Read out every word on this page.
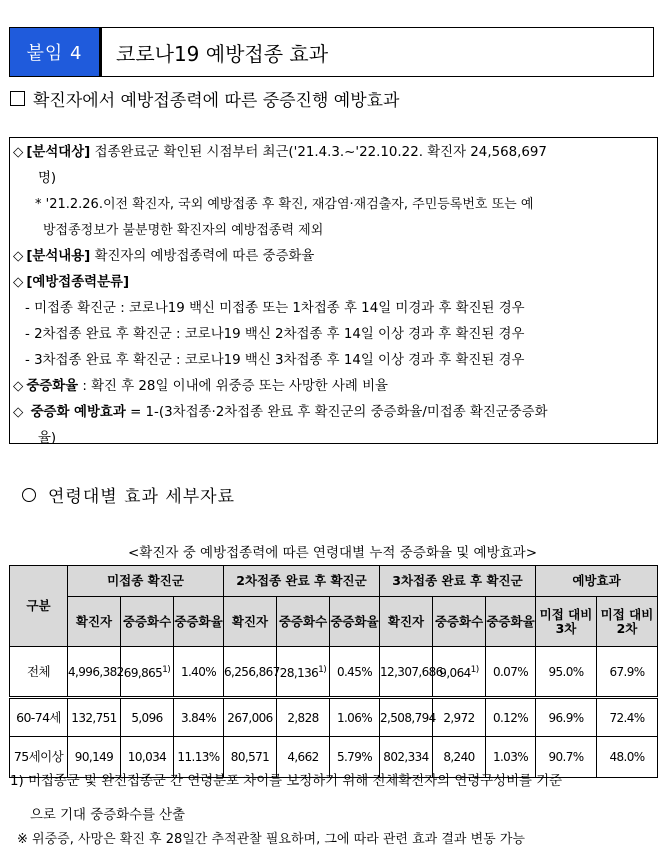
붙임 4	코로나19 예방접종 효과
확진자에서 예방접종력에 따른 중증진행 예방효과
◇ [분석대상] 접종완료군 확인된 시점부터 최근('21.4.3.~'22.10.22. 확진자 24,568,697
명)
* '21.2.26.이전 확진자, 국외 예방접종 후 확진, 재감염·재검출자, 주민등록번호 또는 예
방접종정보가 불분명한 확진자의 예방접종력 제외
◇ [분석내용] 확진자의 예방접종력에 따른 중증화율
◇ [예방접종력분류]
- 미접종 확진군 : 코로나19 백신 미접종 또는 1차접종 후 14일 미경과 후 확진된 경우
- 2차접종 완료 후 확진군 : 코로나19 백신 2차접종 후 14일 이상 경과 후 확진된 경우
- 3차접종 완료 후 확진군 : 코로나19 백신 3차접종 후 14일 이상 경과 후 확진된 경우
◇ 중증화율 : 확진 후 28일 이내에 위중증 또는 사망한 사례 비율
◇ 중증화 예방효과 = 1-(3차접종·2차접종 완료 후 확진군의 중증화율/미접종 확진군중증화
율)
연령대별 효과 세부자료
<확진자 중 예방접종력에 따른 연령대별 누적 중증화율 및 예방효과>
구분	미접종 확진군			2차접종 완료 후 확진군			3차접종 완료 후 확진군			예방효과	
	확진자	중증화수	중증화율	확진자	중증화수	중증화율	확진자	중증화수	중증화율	미접 대비 3차	미접 대비 2차
전체	4,996,382	69,865$^{1)}$	1.40%	6,256,867	28,136$^{1)}$	0.45%	12,307,686	9,064$^{1)}$	0.07%	95.0%	67.9%
60-74세	132,751	5,096	3.84%	267,006	2,828	1.06%	2,508,794	2,972	0.12%	96.9%	72.4%
75세이상	90,149	10,034	11.13%	80,571	4,662	5.79%	802,334	8,240	1.03%	90.7%	48.0%
1) 미접종군 및 완전접종군 간 연령분포 차이를 보정하기 위해 전체확진자의 연령구성비를 기준
으로 기대 중증화수를 산출
※ 위중증, 사망은 확진 후 28일간 추적관찰 필요하며, 그에 따라 관련 효과 결과 변동 가능
